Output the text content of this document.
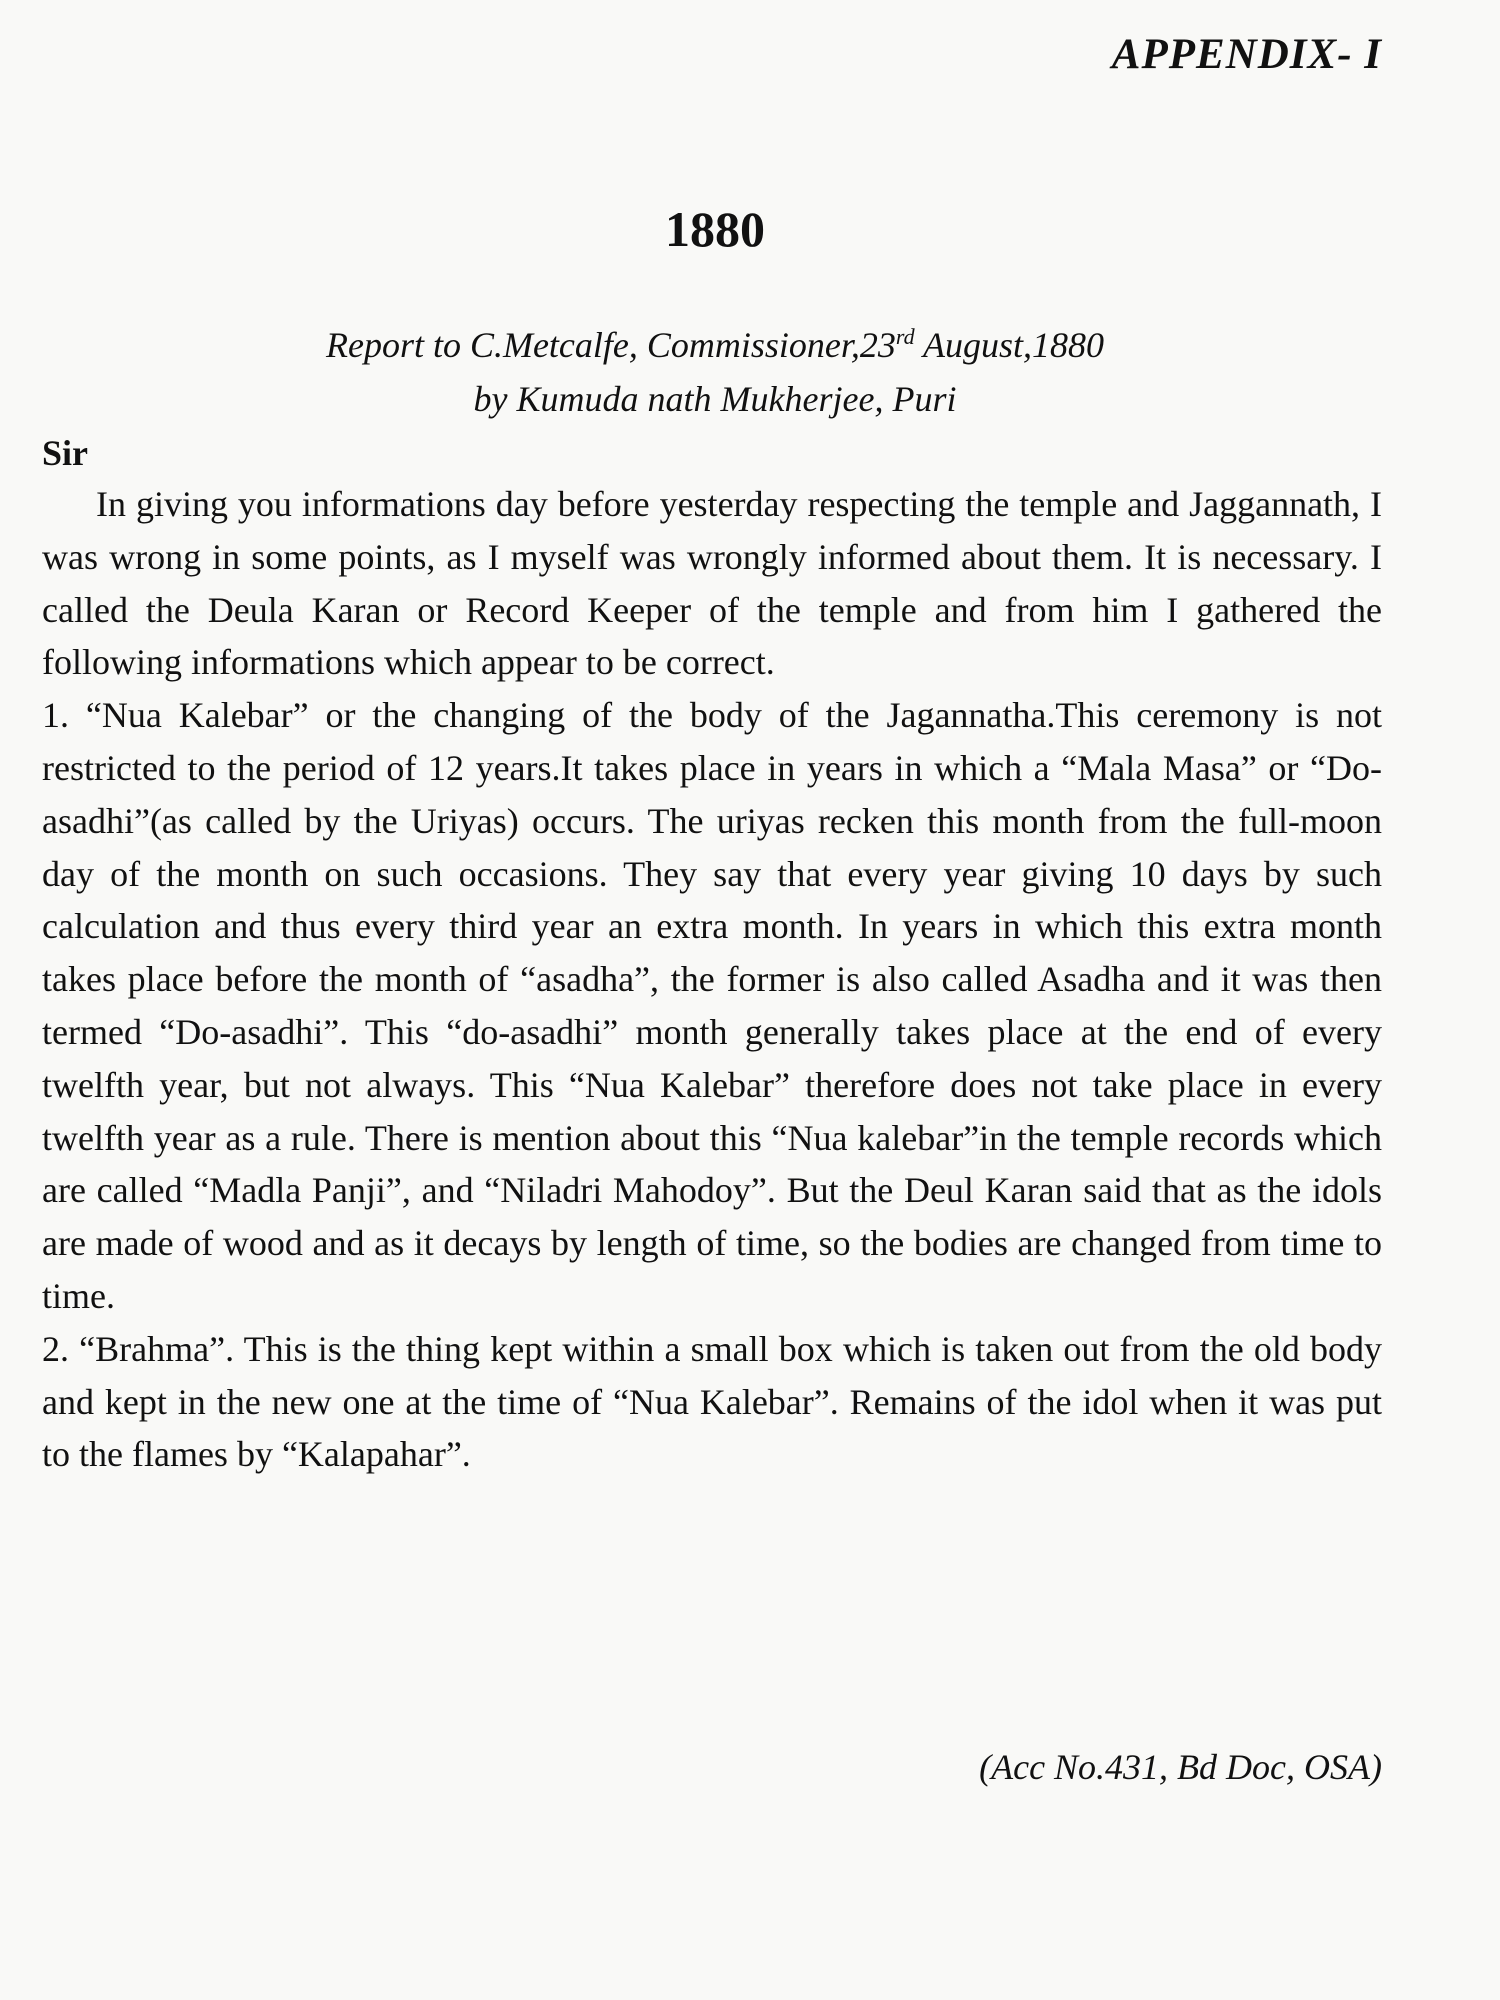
APPENDIX- I
1880
Report to C.Metcalfe, Commissioner,23rd August,1880
by Kumuda nath Mukherjee, Puri
Sir

In giving you informations day before yesterday respecting the temple and Jaggannath, I was wrong in some points, as I myself was wrongly informed about them. It is necessary. I called the Deula Karan or Record Keeper of the temple and from him I gathered the following informations which appear to be correct.

1. “Nua Kalebar” or the changing of the body of the Jagannatha.This ceremony is not restricted to the period of 12 years.It takes place in years in which a “Mala Masa” or “Do-asadhi”(as called by the Uriyas) occurs. The uriyas recken this month from the full-moon day of the month on such occasions. They say that every year giving 10 days by such calculation and thus every third year an extra month. In years in which this extra month takes place before the month of “asadha”, the former is also called Asadha and it was then termed “Do-asadhi”. This “do-asadhi” month generally takes place at the end of every twelfth year, but not always. This “Nua Kalebar” therefore does not take place in every twelfth year as a rule. There is mention about this “Nua kalebar”in the temple records which are called “Madla Panji”, and “Niladri Mahodoy”. But the Deul Karan said that as the idols are made of wood and as it decays by length of time, so the bodies are changed from time to time.

2. “Brahma”. This is the thing kept within a small box which is taken out from the old body and kept in the new one at the time of “Nua Kalebar”. Remains of the idol when it was put to the flames by “Kalapahar”.

(Acc No.431, Bd Doc, OSA)
